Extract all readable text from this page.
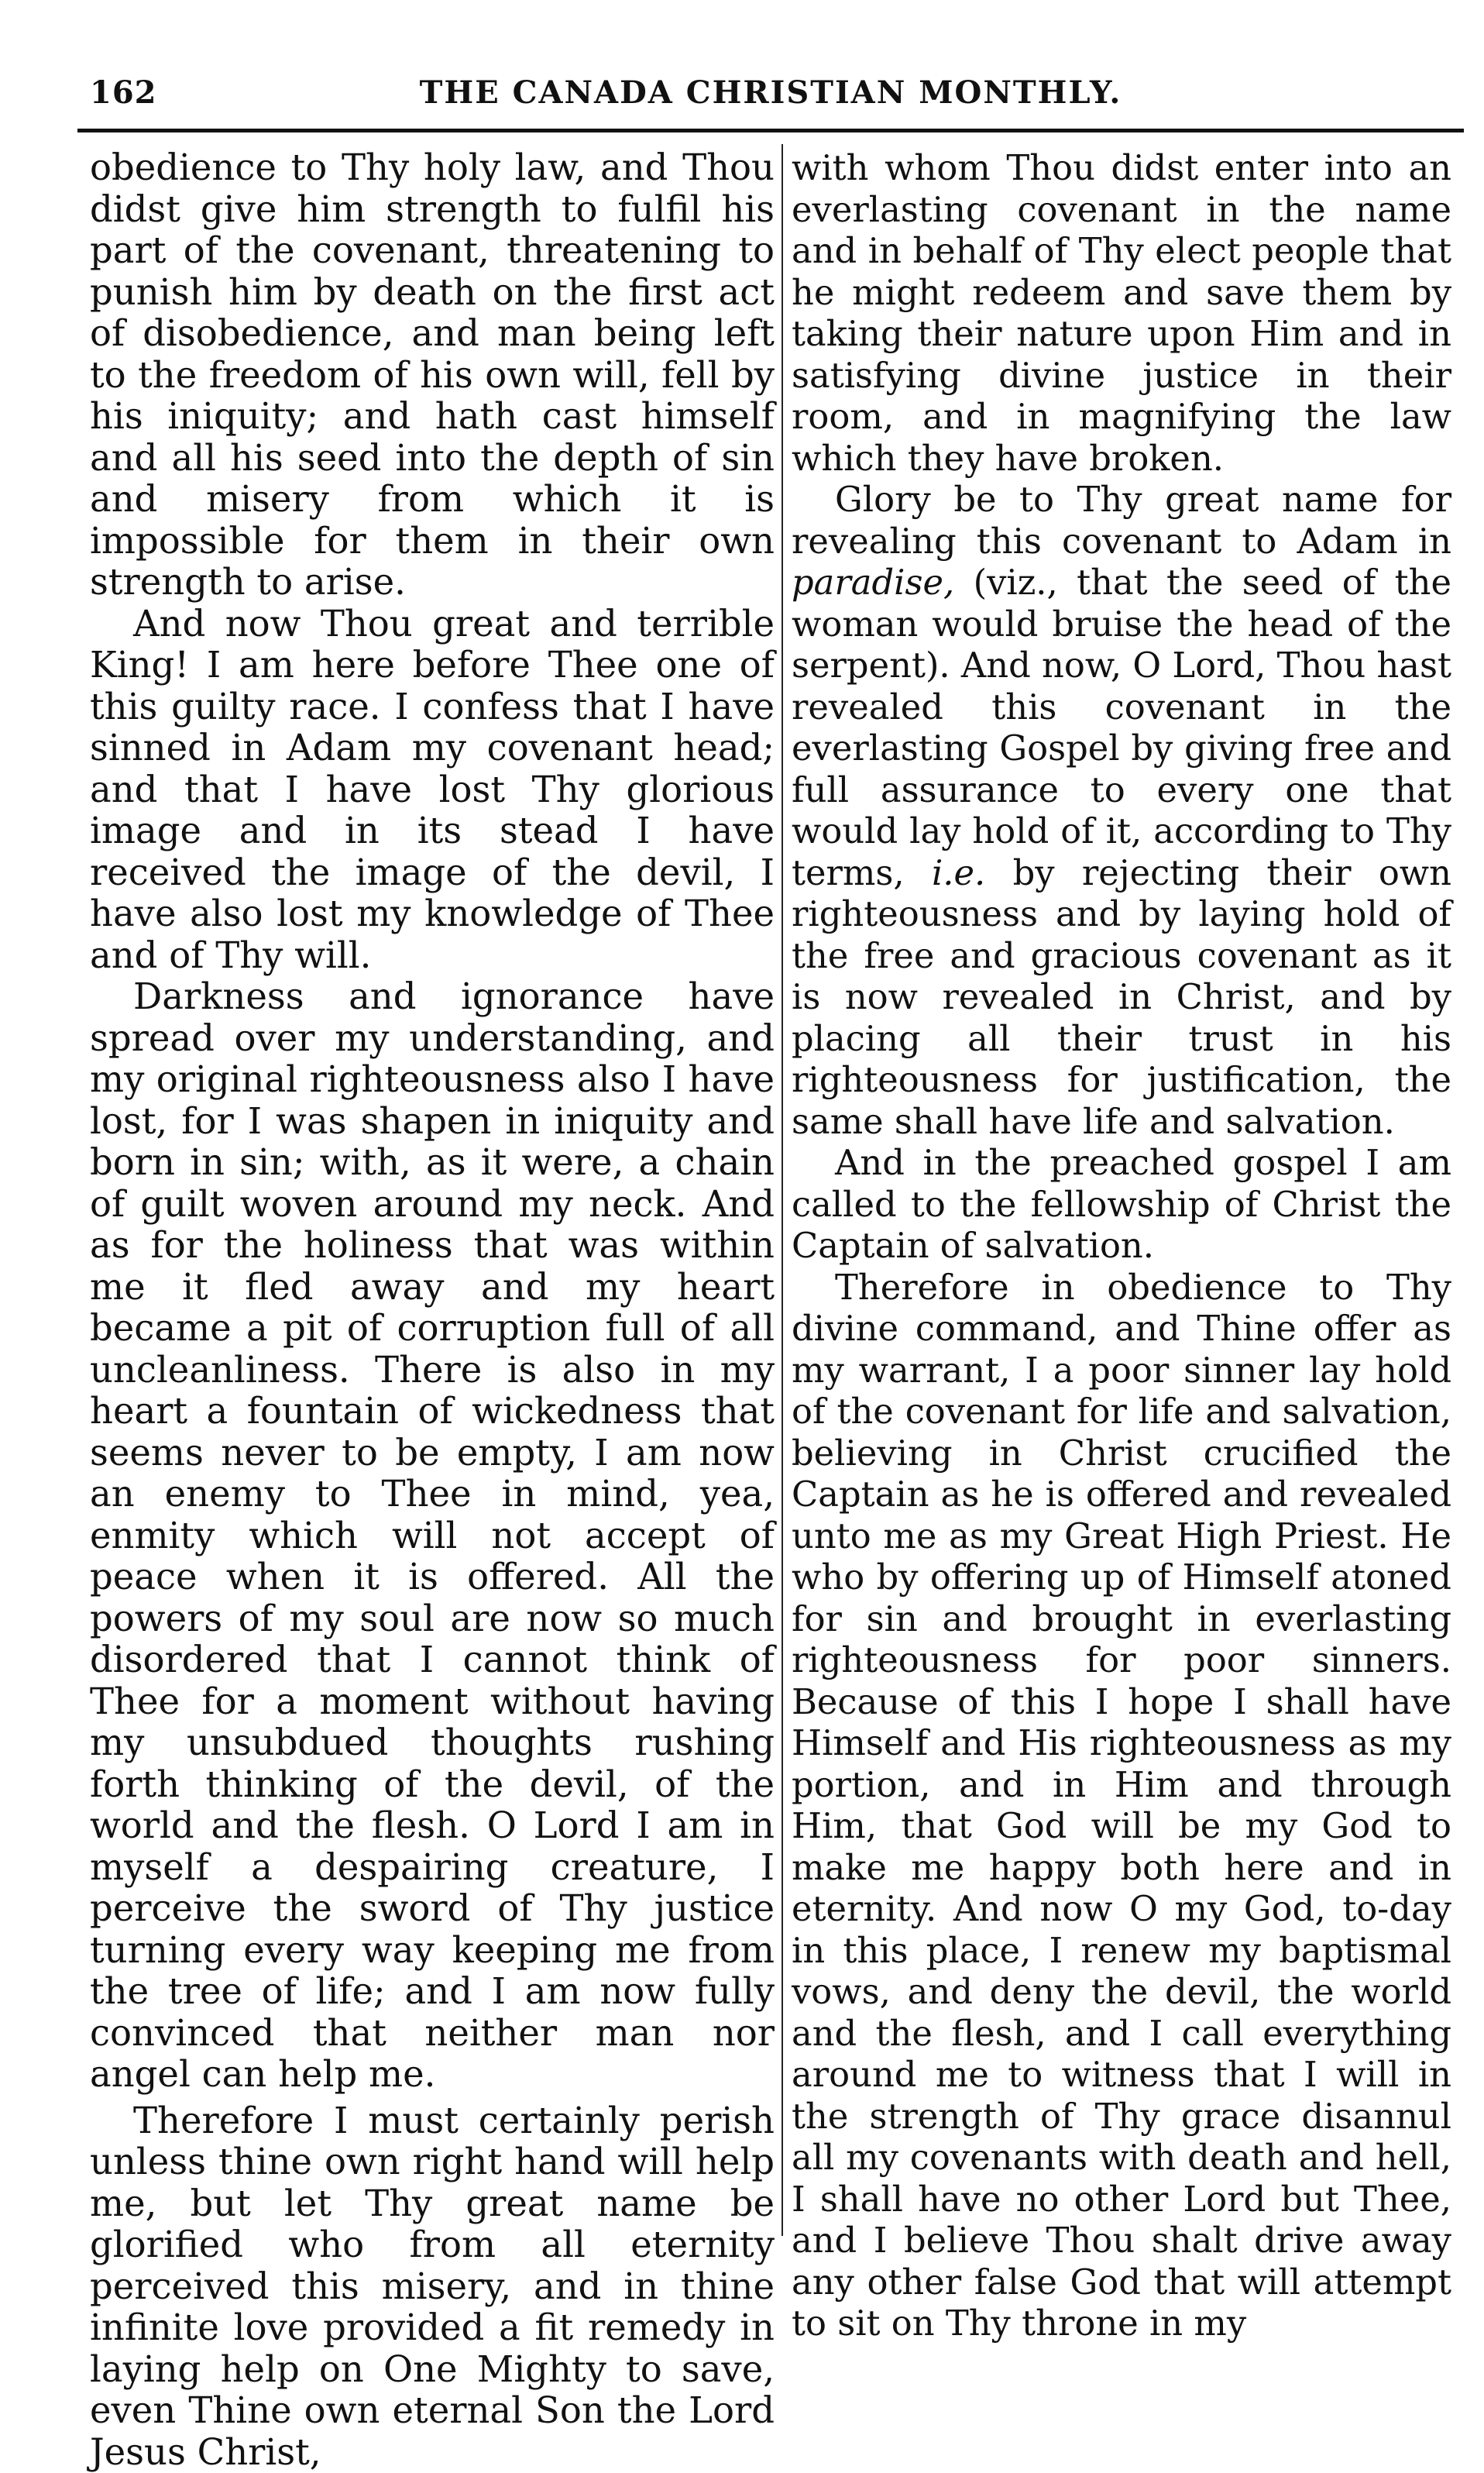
162	THE CANADA CHRISTIAN MONTHLY.

obedience to Thy holy law, and Thou didst give him strength to fulfil his part of the covenant, threatening to punish him by death on the first act of disobedience, and man being left to the freedom of his own will, fell by his iniquity; and hath cast himself and all his seed into the depth of sin and misery from which it is impossible for them in their own strength to arise.

And now Thou great and terrible King! I am here before Thee one of this guilty race. I confess that I have sinned in Adam my covenant head; and that I have lost Thy glorious image and in its stead I have received the image of the devil, I have also lost my knowledge of Thee and of Thy will.

Darkness and ignorance have spread over my understanding, and my original righteousness also I have lost, for I was shapen in iniquity and born in sin; with, as it were, a chain of guilt woven around my neck. And as for the holiness that was within me it fled away and my heart became a pit of corruption full of all uncleanliness. There is also in my heart a fountain of wickedness that seems never to be empty, I am now an enemy to Thee in mind, yea, enmity which will not accept of peace when it is offered. All the powers of my soul are now so much disordered that I cannot think of Thee for a moment without having my unsubdued thoughts rushing forth thinking of the devil, of the world and the flesh. O Lord I am in myself a despairing creature, I perceive the sword of Thy justice turning every way keeping me from the tree of life; and I am now fully convinced that neither man nor angel can help me.

Therefore I must certainly perish unless thine own right hand will help me, but let Thy great name be glorified who from all eternity perceived this misery, and in thine infinite love provided a fit remedy in laying help on One Mighty to save, even Thine own eternal Son the Lord Jesus Christ,

with whom Thou didst enter into an everlasting covenant in the name and in behalf of Thy elect people that he might redeem and save them by taking their nature upon Him and in satisfying divine justice in their room, and in magnifying the law which they have broken.

Glory be to Thy great name for revealing this covenant to Adam in paradise, (viz., that the seed of the woman would bruise the head of the serpent). And now, O Lord, Thou hast revealed this covenant in the everlasting Gospel by giving free and full assurance to every one that would lay hold of it, according to Thy terms, i.e. by rejecting their own righteousness and by laying hold of the free and gracious covenant as it is now revealed in Christ, and by placing all their trust in his righteousness for justification, the same shall have life and salvation.

And in the preached gospel I am called to the fellowship of Christ the Captain of salvation.

Therefore in obedience to Thy divine command, and Thine offer as my warrant, I a poor sinner lay hold of the covenant for life and salvation, believing in Christ crucified the Captain as he is offered and revealed unto me as my Great High Priest. He who by offering up of Himself atoned for sin and brought in everlasting righteousness for poor sinners. Because of this I hope I shall have Himself and His righteousness as my portion, and in Him and through Him, that God will be my God to make me happy both here and in eternity. And now O my God, to-day in this place, I renew my baptismal vows, and deny the devil, the world and the flesh, and I call everything around me to witness that I will in the strength of Thy grace disannul all my covenants with death and hell, I shall have no other Lord but Thee, and I believe Thou shalt drive away any other false God that will attempt to sit on Thy throne in my
